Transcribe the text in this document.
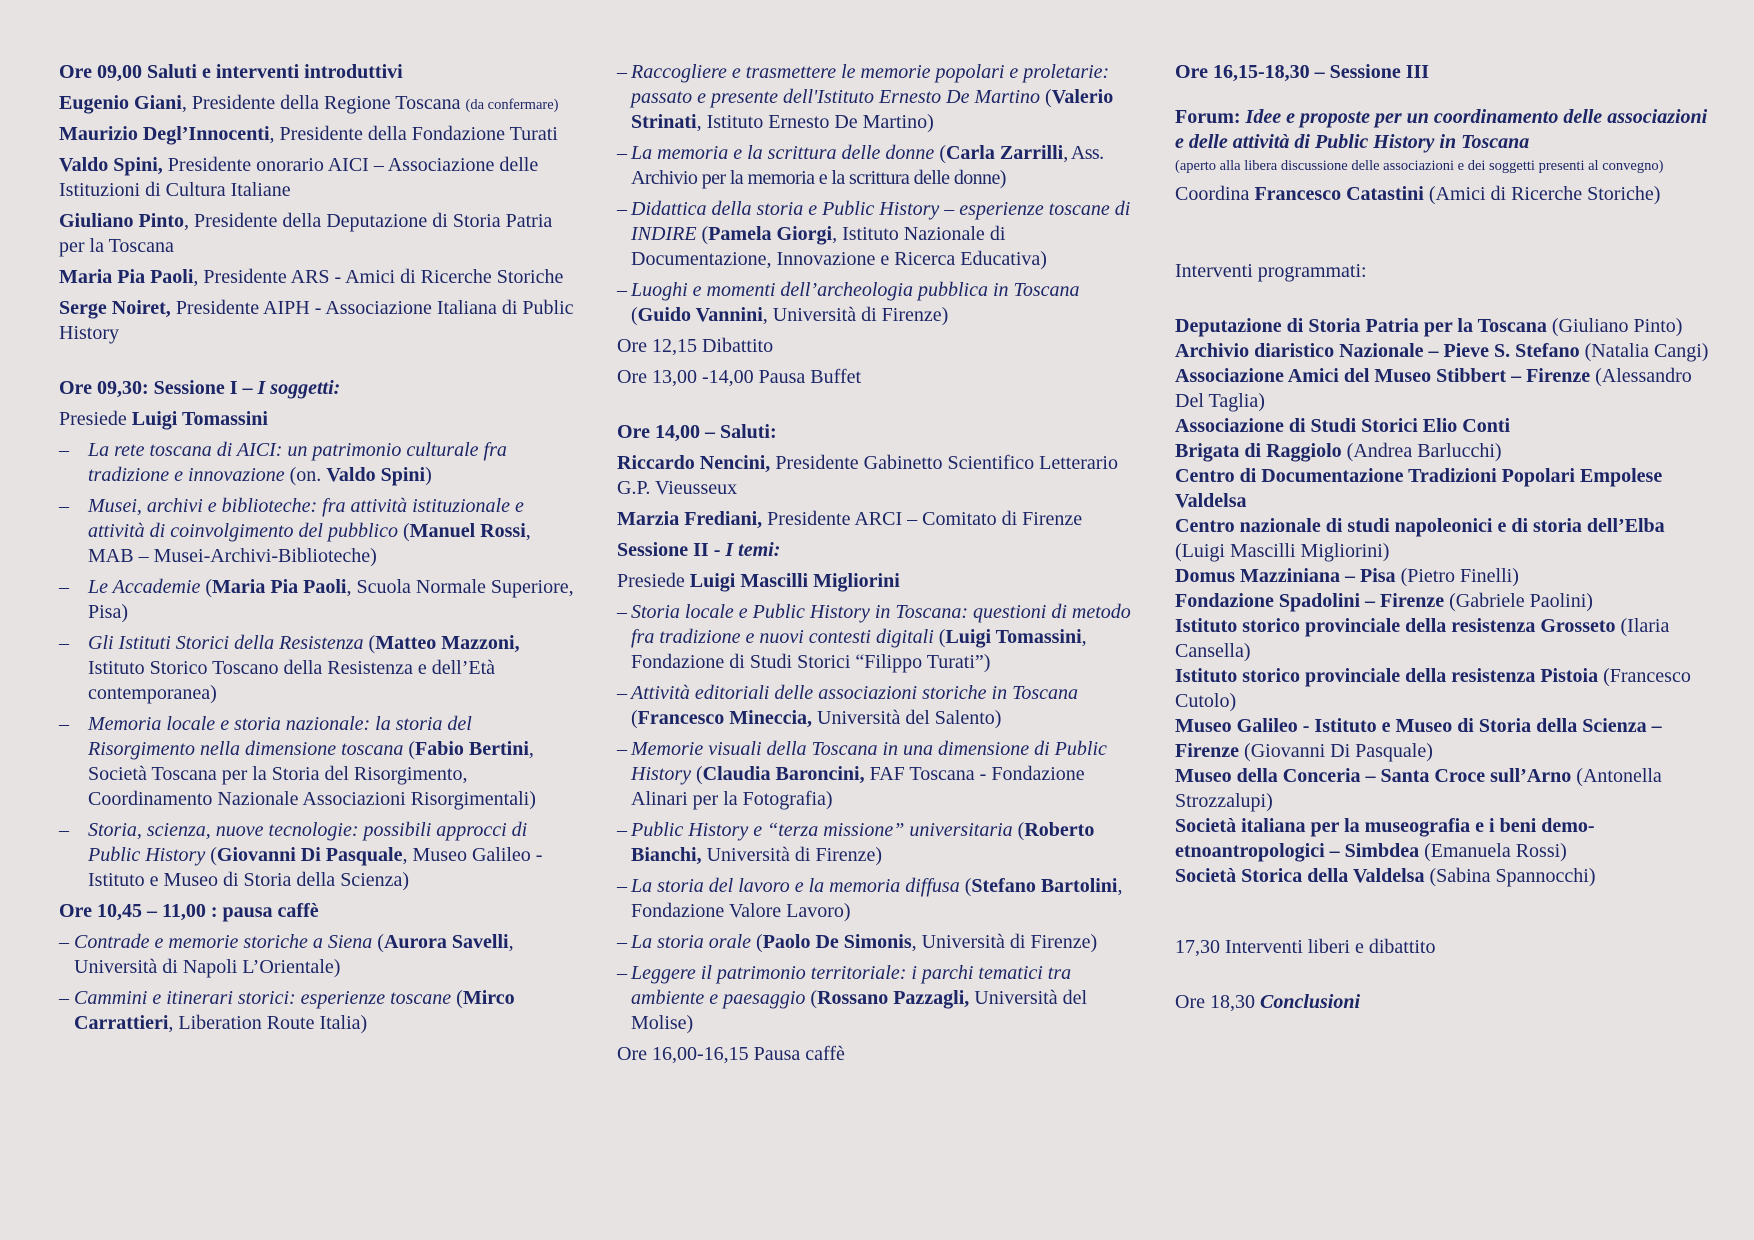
Ore 09,00 Saluti e interventi introduttivi
Eugenio Giani, Presidente della Regione Toscana (da confermare)
Maurizio Degl’Innocenti, Presidente della Fondazione Turati
Valdo Spini, Presidente onorario AICI – Associazione delle Istituzioni di Cultura Italiane
Giuliano Pinto, Presidente della Deputazione di Storia Patria per la Toscana
Maria Pia Paoli, Presidente ARS - Amici di Ricerche Storiche
Serge Noiret, Presidente AIPH - Associazione Italiana di Public History
Ore 09,30: Sessione I – I soggetti:
Presiede Luigi Tomassini
– La rete toscana di AICI: un patrimonio culturale fra tradizione e innovazione (on. Valdo Spini)
– Musei, archivi e biblioteche: fra attività istituzionale e attività di coinvolgimento del pubblico (Manuel Rossi, MAB – Musei-Archivi-Biblioteche)
– Le Accademie (Maria Pia Paoli, Scuola Normale Superiore, Pisa)
– Gli Istituti Storici della Resistenza (Matteo Mazzoni, Istituto Storico Toscano della Resistenza e dell’Età contemporanea)
– Memoria locale e storia nazionale: la storia del Risorgimento nella dimensione toscana (Fabio Bertini, Società Toscana per la Storia del Risorgimento, Coordinamento Nazionale Associazioni Risorgimentali)
– Storia, scienza, nuove tecnologie: possibili approcci di Public History (Giovanni Di Pasquale, Museo Galileo - Istituto e Museo di Storia della Scienza)
Ore 10,45 – 11,00 : pausa caffè
– Contrade e memorie storiche a Siena (Aurora Savelli, Università di Napoli L’Orientale)
– Cammini e itinerari storici: esperienze toscane (Mirco Carrattieri, Liberation Route Italia)
– Raccogliere e trasmettere le memorie popolari e proletarie: passato e presente dell'Istituto Ernesto De Martino (Valerio Strinati, Istituto Ernesto De Martino)
– La memoria e la scrittura delle donne (Carla Zarrilli, Ass. Archivio per la memoria e la scrittura delle donne)
– Didattica della storia e Public History – esperienze toscane di INDIRE (Pamela Giorgi, Istituto Nazionale di Documentazione, Innovazione e Ricerca Educativa)
– Luoghi e momenti dell’archeologia pubblica in Toscana (Guido Vannini, Università di Firenze)
Ore 12,15 Dibattito
Ore 13,00 -14,00 Pausa Buffet
Ore 14,00 – Saluti:
Riccardo Nencini, Presidente Gabinetto Scientifico Letterario G.P. Vieusseux
Marzia Frediani, Presidente ARCI – Comitato di Firenze
Sessione II - I temi:
Presiede Luigi Mascilli Migliorini
– Storia locale e Public History in Toscana: questioni di metodo fra tradizione e nuovi contesti digitali (Luigi Tomassini, Fondazione di Studi Storici “Filippo Turati”)
– Attività editoriali delle associazioni storiche in Toscana (Francesco Mineccia, Università del Salento)
– Memorie visuali della Toscana in una dimensione di Public History (Claudia Baroncini, FAF Toscana - Fondazione Alinari per la Fotografia)
– Public History e “terza missione” universitaria (Roberto Bianchi, Università di Firenze)
– La storia del lavoro e la memoria diffusa (Stefano Bartolini, Fondazione Valore Lavoro)
– La storia orale (Paolo De Simonis, Università di Firenze)
– Leggere il patrimonio territoriale: i parchi tematici tra ambiente e paesaggio (Rossano Pazzagli, Università del Molise)
Ore 16,00-16,15 Pausa caffè
Ore 16,15-18,30 – Sessione III
Forum: Idee e proposte per un coordinamento delle associazioni e delle attività di Public History in Toscana
(aperto alla libera discussione delle associazioni e dei soggetti presenti al convegno)
Coordina Francesco Catastini (Amici di Ricerche Storiche)
Interventi programmati:
Deputazione di Storia Patria per la Toscana (Giuliano Pinto)
Archivio diaristico Nazionale – Pieve S. Stefano (Natalia Cangi)
Associazione Amici del Museo Stibbert – Firenze (Alessandro Del Taglia)
Associazione di Studi Storici Elio Conti
Brigata di Raggiolo (Andrea Barlucchi)
Centro di Documentazione Tradizioni Popolari Empolese Valdelsa
Centro nazionale di studi napoleonici e di storia dell’Elba (Luigi Mascilli Migliorini)
Domus Mazziniana – Pisa (Pietro Finelli)
Fondazione Spadolini – Firenze (Gabriele Paolini)
Istituto storico provinciale della resistenza Grosseto (Ilaria Cansella)
Istituto storico provinciale della resistenza Pistoia (Francesco Cutolo)
Museo Galileo - Istituto e Museo di Storia della Scienza – Firenze (Giovanni Di Pasquale)
Museo della Conceria – Santa Croce sull’Arno (Antonella Strozzalupi)
Società italiana per la museografia e i beni demo-etnoantropologici – Simbdea (Emanuela Rossi)
Società Storica della Valdelsa (Sabina Spannocchi)
17,30 Interventi liberi e dibattito
Ore 18,30 Conclusioni
